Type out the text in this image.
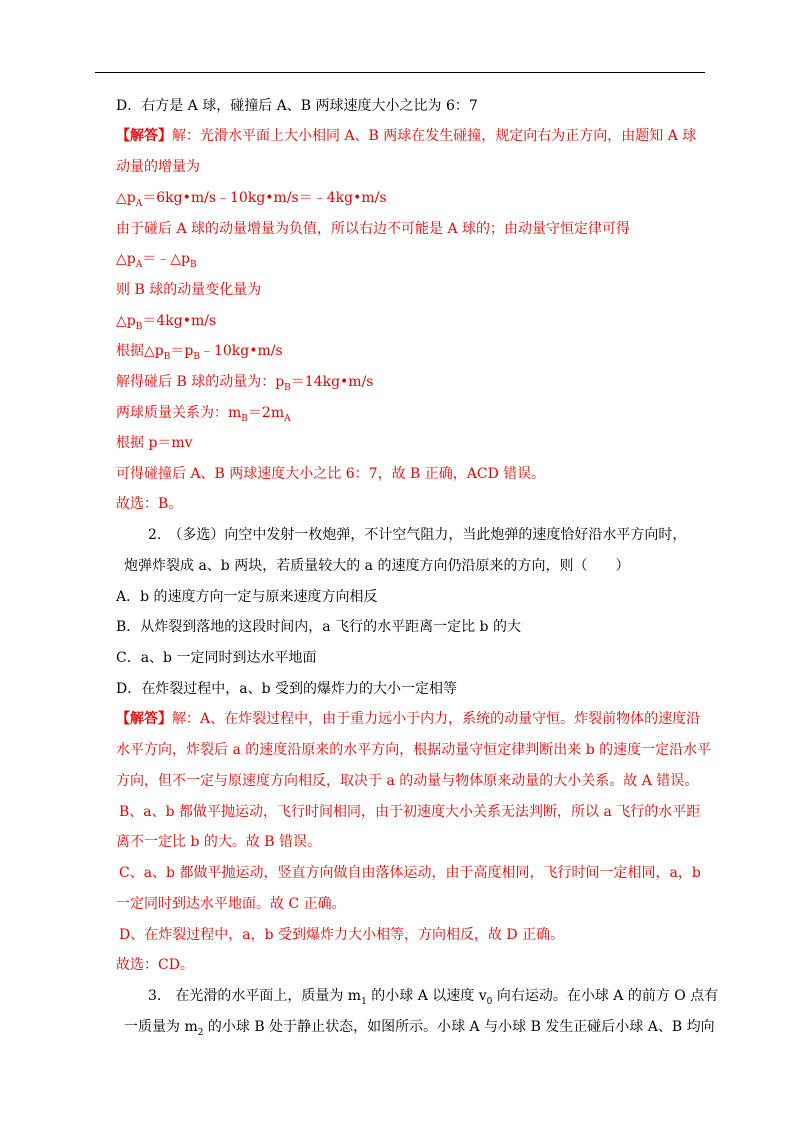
D．右方是 A 球，碰撞后 A、B 两球速度大小之比为 6：7
【解答】解：光滑水平面上大小相同 A、B 两球在发生碰撞，规定向右为正方向，由题知 A 球
动量的增量为
$\triangle p_A=6kg•m/s﹣10kg•m/s=﹣4kg•m/s$
由于碰后 A 球的动量增量为负值，所以右边不可能是 A 球的；由动量守恒定律可得
$\triangle p_A=﹣\triangle p_B$
则 B 球的动量变化量为
$\triangle p_B=4kg•m/s$
根据$\triangle p_B=p_B﹣10kg•m/s$
解得碰后 B 球的动量为：$p_B=14kg•m/s$
两球质量关系为：$m_B=2m_A$
根据 p＝mv
可得碰撞后 A、B 两球速度大小之比 6：7，故 B 正确，ACD 错误。
故选：B。
2.　（多选）向空中发射一枚炮弹，不计空气阻力，当此炮弹的速度恰好沿水平方向时，
炮弹炸裂成 a、b 两块，若质量较大的 a 的速度方向仍沿原来的方向，则（　　）
A．b 的速度方向一定与原来速度方向相反
B．从炸裂到落地的这段时间内，a 飞行的水平距离一定比 b 的大
C．a、b 一定同时到达水平地面
D．在炸裂过程中，a、b 受到的爆炸力的大小一定相等
【解答】解：A、在炸裂过程中，由于重力远小于内力，系统的动量守恒。炸裂前物体的速度沿
水平方向，炸裂后 a 的速度沿原来的水平方向，根据动量守恒定律判断出来 b 的速度一定沿水平
方向，但不一定与原速度方向相反，取决于 a 的动量与物体原来动量的大小关系。故 A 错误。
B、a、b 都做平抛运动，飞行时间相同，由于初速度大小关系无法判断，所以 a 飞行的水平距
离不一定比 b 的大。故 B 错误。
C、a、b 都做平抛运动，竖直方向做自由落体运动，由于高度相同，飞行时间一定相同，a，b
一定同时到达水平地面。故 C 正确。
D、在炸裂过程中，a，b 受到爆炸力大小相等，方向相反，故 D 正确。
故选：CD。
3.　在光滑的水平面上，质量为 $m_1$ 的小球 A 以速度 $v_0$ 向右运动。在小球 A 的前方 O 点有
一质量为 $m_2$ 的小球 B 处于静止状态，如图所示。小球 A 与小球 B 发生正碰后小球 A、B 均向
